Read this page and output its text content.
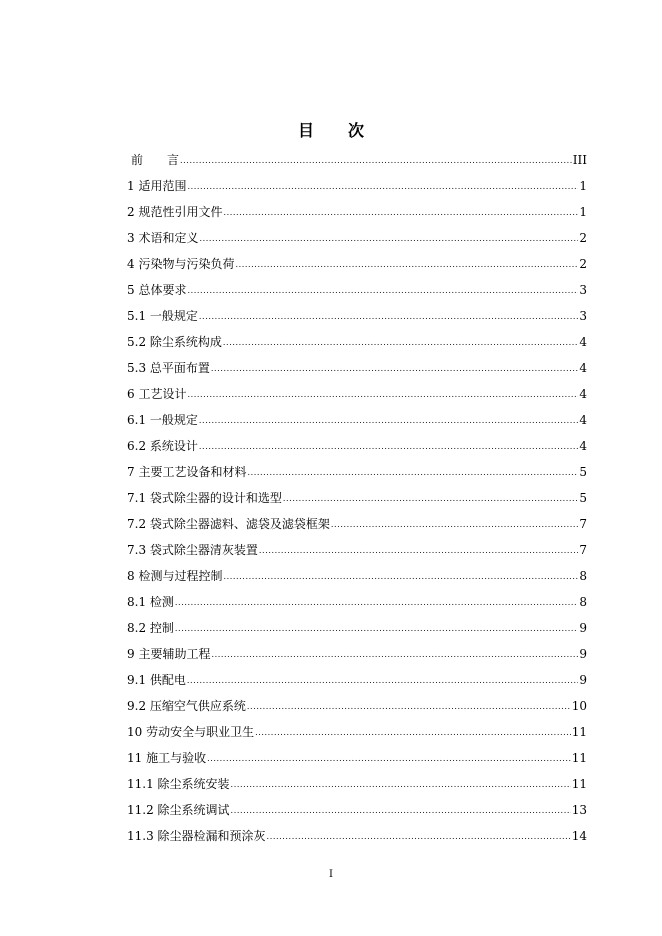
目 次
前　　言 .....	III
1 适用范围 .....	1
2 规范性引用文件 .....	1
3 术语和定义 .....	2
4 污染物与污染负荷 .....	2
5 总体要求 .....	3
5.1 一般规定 .....	3
5.2 除尘系统构成 .....	4
5.3 总平面布置 .....	4
6 工艺设计 .....	4
6.1 一般规定 .....	4
6.2 系统设计 .....	4
7 主要工艺设备和材料 .....	5
7.1 袋式除尘器的设计和选型 .....	5
7.2 袋式除尘器滤料、滤袋及滤袋框架 .....	7
7.3 袋式除尘器清灰装置 .....	7
8 检测与过程控制 .....	8
8.1 检测 .....	8
8.2 控制 .....	9
9 主要辅助工程 .....	9
9.1 供配电 .....	9
9.2 压缩空气供应系统 .....	10
10 劳动安全与职业卫生 .....	11
11 施工与验收 .....	11
11.1 除尘系统安装 .....	11
11.2 除尘系统调试 .....	13
11.3 除尘器检漏和预涂灰 .....	14
I
